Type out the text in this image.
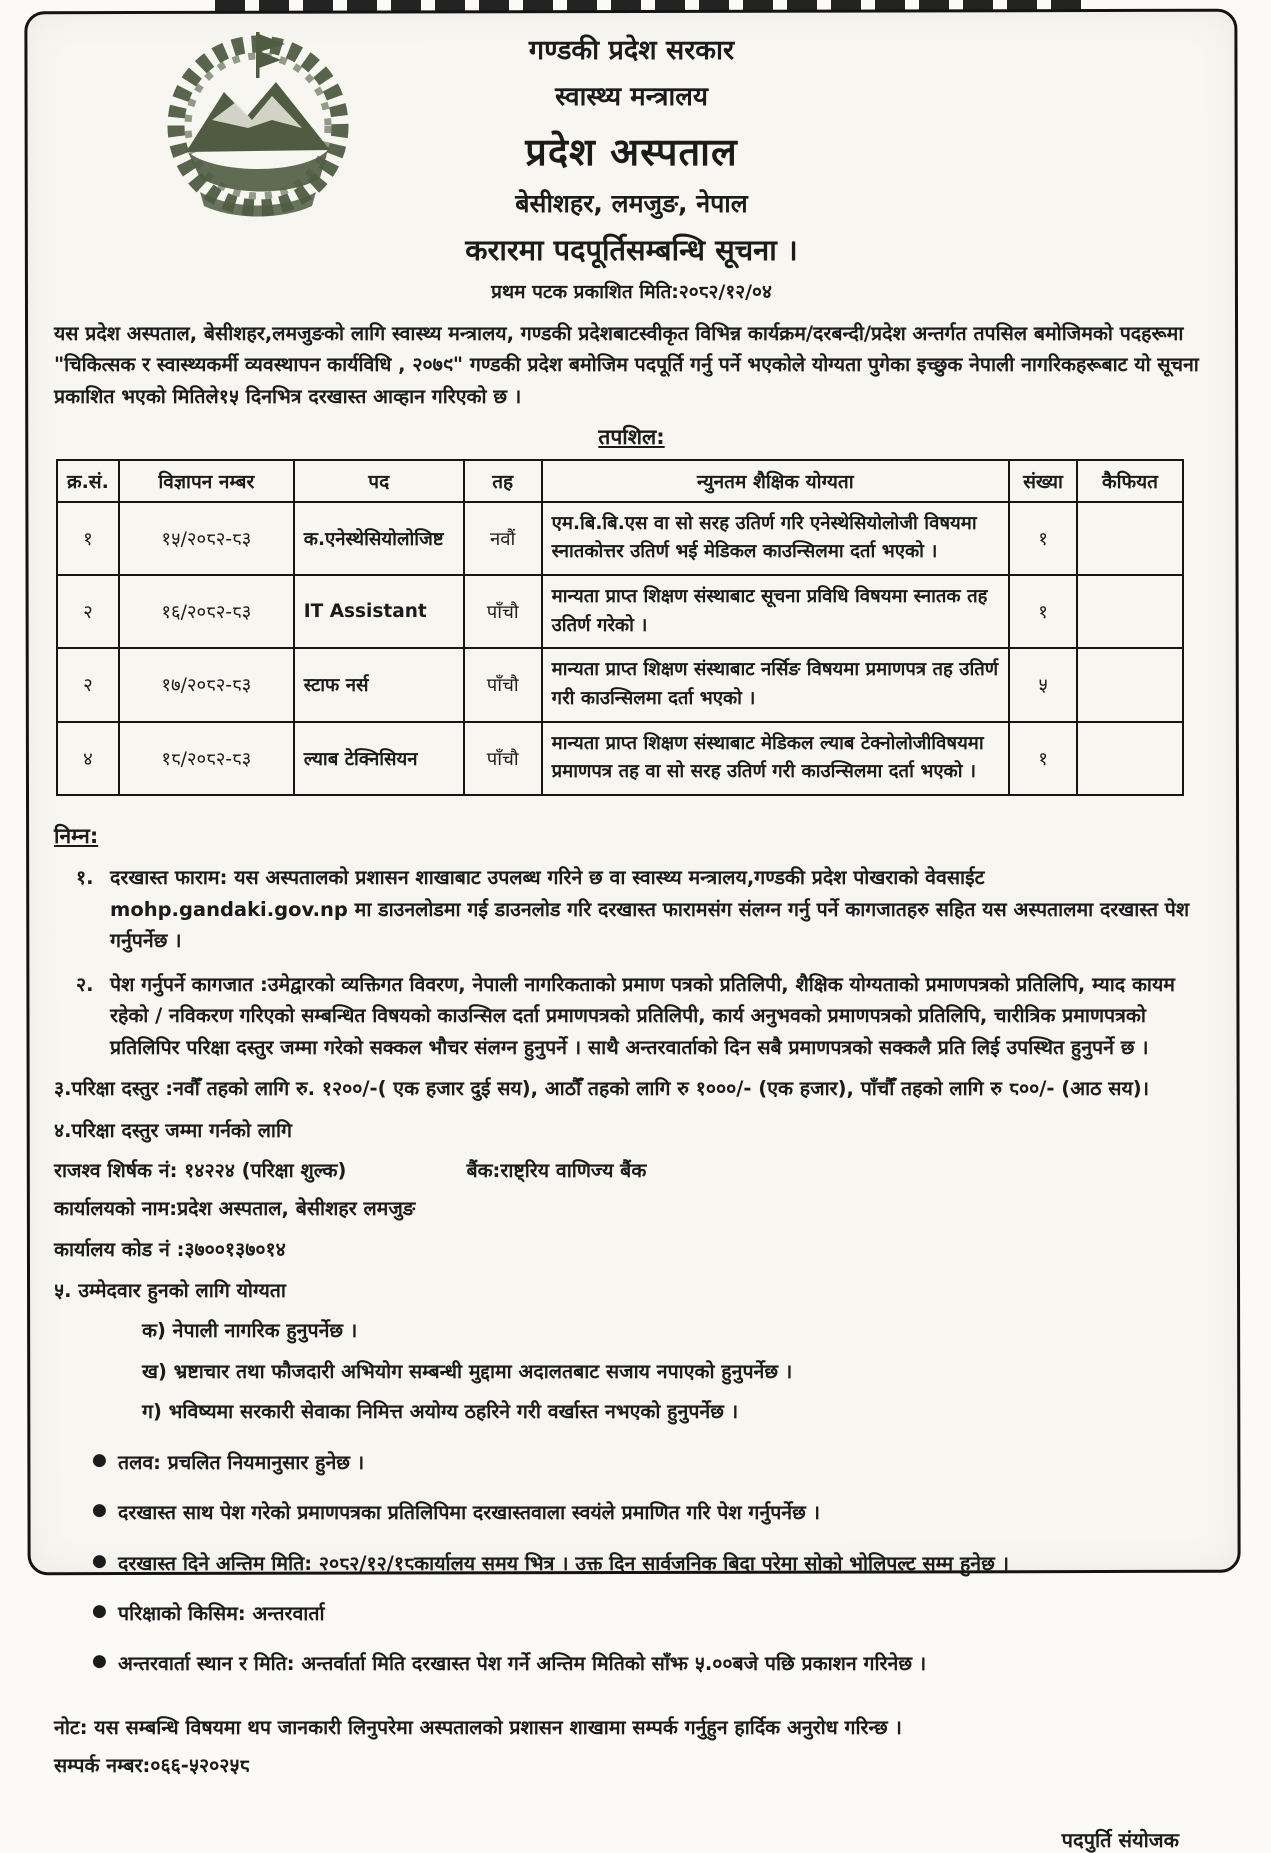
गण्डकी प्रदेश सरकार
स्वास्थ्य मन्त्रालय
प्रदेश अस्पताल
बेसीशहर, लमजुङ, नेपाल
करारमा पदपूर्तिसम्बन्धि सूचना ।
प्रथम पटक प्रकाशित मिति:२०८२/१२/०४
यस प्रदेश अस्पताल, बेसीशहर,लमजुङको लागि स्वास्थ्य मन्त्रालय, गण्डकी प्रदेशबाटस्वीकृत विभिन्न कार्यक्रम/दरबन्दी/प्रदेश अन्तर्गत तपसिल बमोजिमको पदहरूमा "चिकित्सक र स्वास्थ्यकर्मी व्यवस्थापन कार्यविधि , २०७९" गण्डकी प्रदेश बमोजिम पदपूर्ति गर्नु पर्ने भएकोले योग्यता पुगेका इच्छुक नेपाली नागरिकहरूबाट यो सूचना प्रकाशित भएको मितिले१५ दिनभित्र दरखास्त आव्हान गरिएको छ ।
तपशिल:
क्र.सं.	विज्ञापन नम्बर	पद	तह	न्युनतम शैक्षिक योग्यता	संख्या	कैफियत
१	१५/२०८२-८३	क.एनेस्थेसियोलोजिष्ट	नवौं	एम.बि.बि.एस वा सो सरह उतिर्ण गरि एनेस्थेसियोलोजी विषयमा स्नातकोत्तर उतिर्ण भई मेडिकल काउन्सिलमा दर्ता भएको ।	१	
२	१६/२०८२-८३	IT Assistant	पाँचौ	मान्यता प्राप्त शिक्षण संस्थाबाट सूचना प्रविधि विषयमा स्नातक तह उतिर्ण गरेको ।	१	
२	१७/२०८२-८३	स्टाफ नर्स	पाँचौ	मान्यता प्राप्त शिक्षण संस्थाबाट नर्सिङ विषयमा प्रमाणपत्र तह उतिर्ण गरी काउन्सिलमा दर्ता भएको ।	५	
४	१८/२०८२-८३	ल्याब टेक्निसियन	पाँचौ	मान्यता प्राप्त शिक्षण संस्थाबाट मेडिकल ल्याब टेक्नोलोजीविषयमा प्रमाणपत्र तह वा सो सरह उतिर्ण गरी काउन्सिलमा दर्ता भएको ।	१	
निम्न:
१. दरखास्त फाराम: यस अस्पतालको प्रशासन शाखाबाट उपलब्ध गरिने छ वा स्वास्थ्य मन्त्रालय,गण्डकी प्रदेश पोखराको वेवसाईट mohp.gandaki.gov.np मा डाउनलोडमा गई डाउनलोड गरि दरखास्त फारामसंग संलग्न गर्नु पर्ने कागजातहरु सहित यस अस्पतालमा दरखास्त पेश गर्नुपर्नेछ ।
२. पेश गर्नुपर्ने कागजात :उमेद्वारको व्यक्तिगत विवरण, नेपाली नागरिकताको प्रमाण पत्रको प्रतिलिपी, शैक्षिक योग्यताको प्रमाणपत्रको प्रतिलिपि, म्याद कायम रहेको / नविकरण गरिएको सम्बन्धित विषयको काउन्सिल दर्ता प्रमाणपत्रको प्रतिलिपी, कार्य अनुभवको प्रमाणपत्रको प्रतिलिपि, चारीत्रिक प्रमाणपत्रको प्रतिलिपिर परिक्षा दस्तुर जम्मा गरेको सक्कल भौचर संलग्न हुनुपर्ने । साथै अन्तरवार्ताको दिन सबै प्रमाणपत्रको सक्कलै प्रति लिई उपस्थित हुनुपर्ने छ ।
३.परिक्षा दस्तुर :नवौँ तहको लागि रु. १२००/-( एक हजार दुई सय), आठौँ तहको लागि रु १०००/- (एक हजार), पाँचौँ तहको लागि रु ८००/- (आठ सय)।
४.परिक्षा दस्तुर जम्मा गर्नको लागि
राजश्व शिर्षक नं: १४२२४ (परिक्षा शुल्क)	बैंक:राष्ट्रिय वाणिज्य बैंक
कार्यालयको नाम:प्रदेश अस्पताल, बेसीशहर लमजुङ
कार्यालय कोड नं :३७००१३७०१४
५. उम्मेदवार हुनको लागि योग्यता
क) नेपाली नागरिक हुनुपर्नेछ ।
ख) भ्रष्टाचार तथा फौजदारी अभियोग सम्बन्धी मुद्दामा अदालतबाट सजाय नपाएको हुनुपर्नेछ ।
ग) भविष्यमा सरकारी सेवाका निमित्त अयोग्य ठहरिने गरी वर्खास्त नभएको हुनुपर्नेछ ।
● तलव: प्रचलित नियमानुसार हुनेछ ।
● दरखास्त साथ पेश गरेको प्रमाणपत्रका प्रतिलिपिमा दरखास्तवाला स्वयंले प्रमाणित गरि पेश गर्नुपर्नेछ ।
● दरखास्त दिने अन्तिम मिति: २०८२/१२/१८कार्यालय समय भित्र । उक्त दिन सार्वजनिक बिदा परेमा सोको भोलिपल्ट सम्म हुनेछ ।
● परिक्षाको किसिम: अन्तरवार्ता
● अन्तरवार्ता स्थान र मिति: अन्तर्वार्ता मिति दरखास्त पेश गर्ने अन्तिम मितिको साँझ ५.००बजे पछि प्रकाशन गरिनेछ ।
नोट: यस सम्बन्धि विषयमा थप जानकारी लिनुपरेमा अस्पतालको प्रशासन शाखामा सम्पर्क गर्नुहुन हार्दिक अनुरोध गरिन्छ ।
सम्पर्क नम्बर:०६६-५२०२५८
पदपुर्ति संयोजक
